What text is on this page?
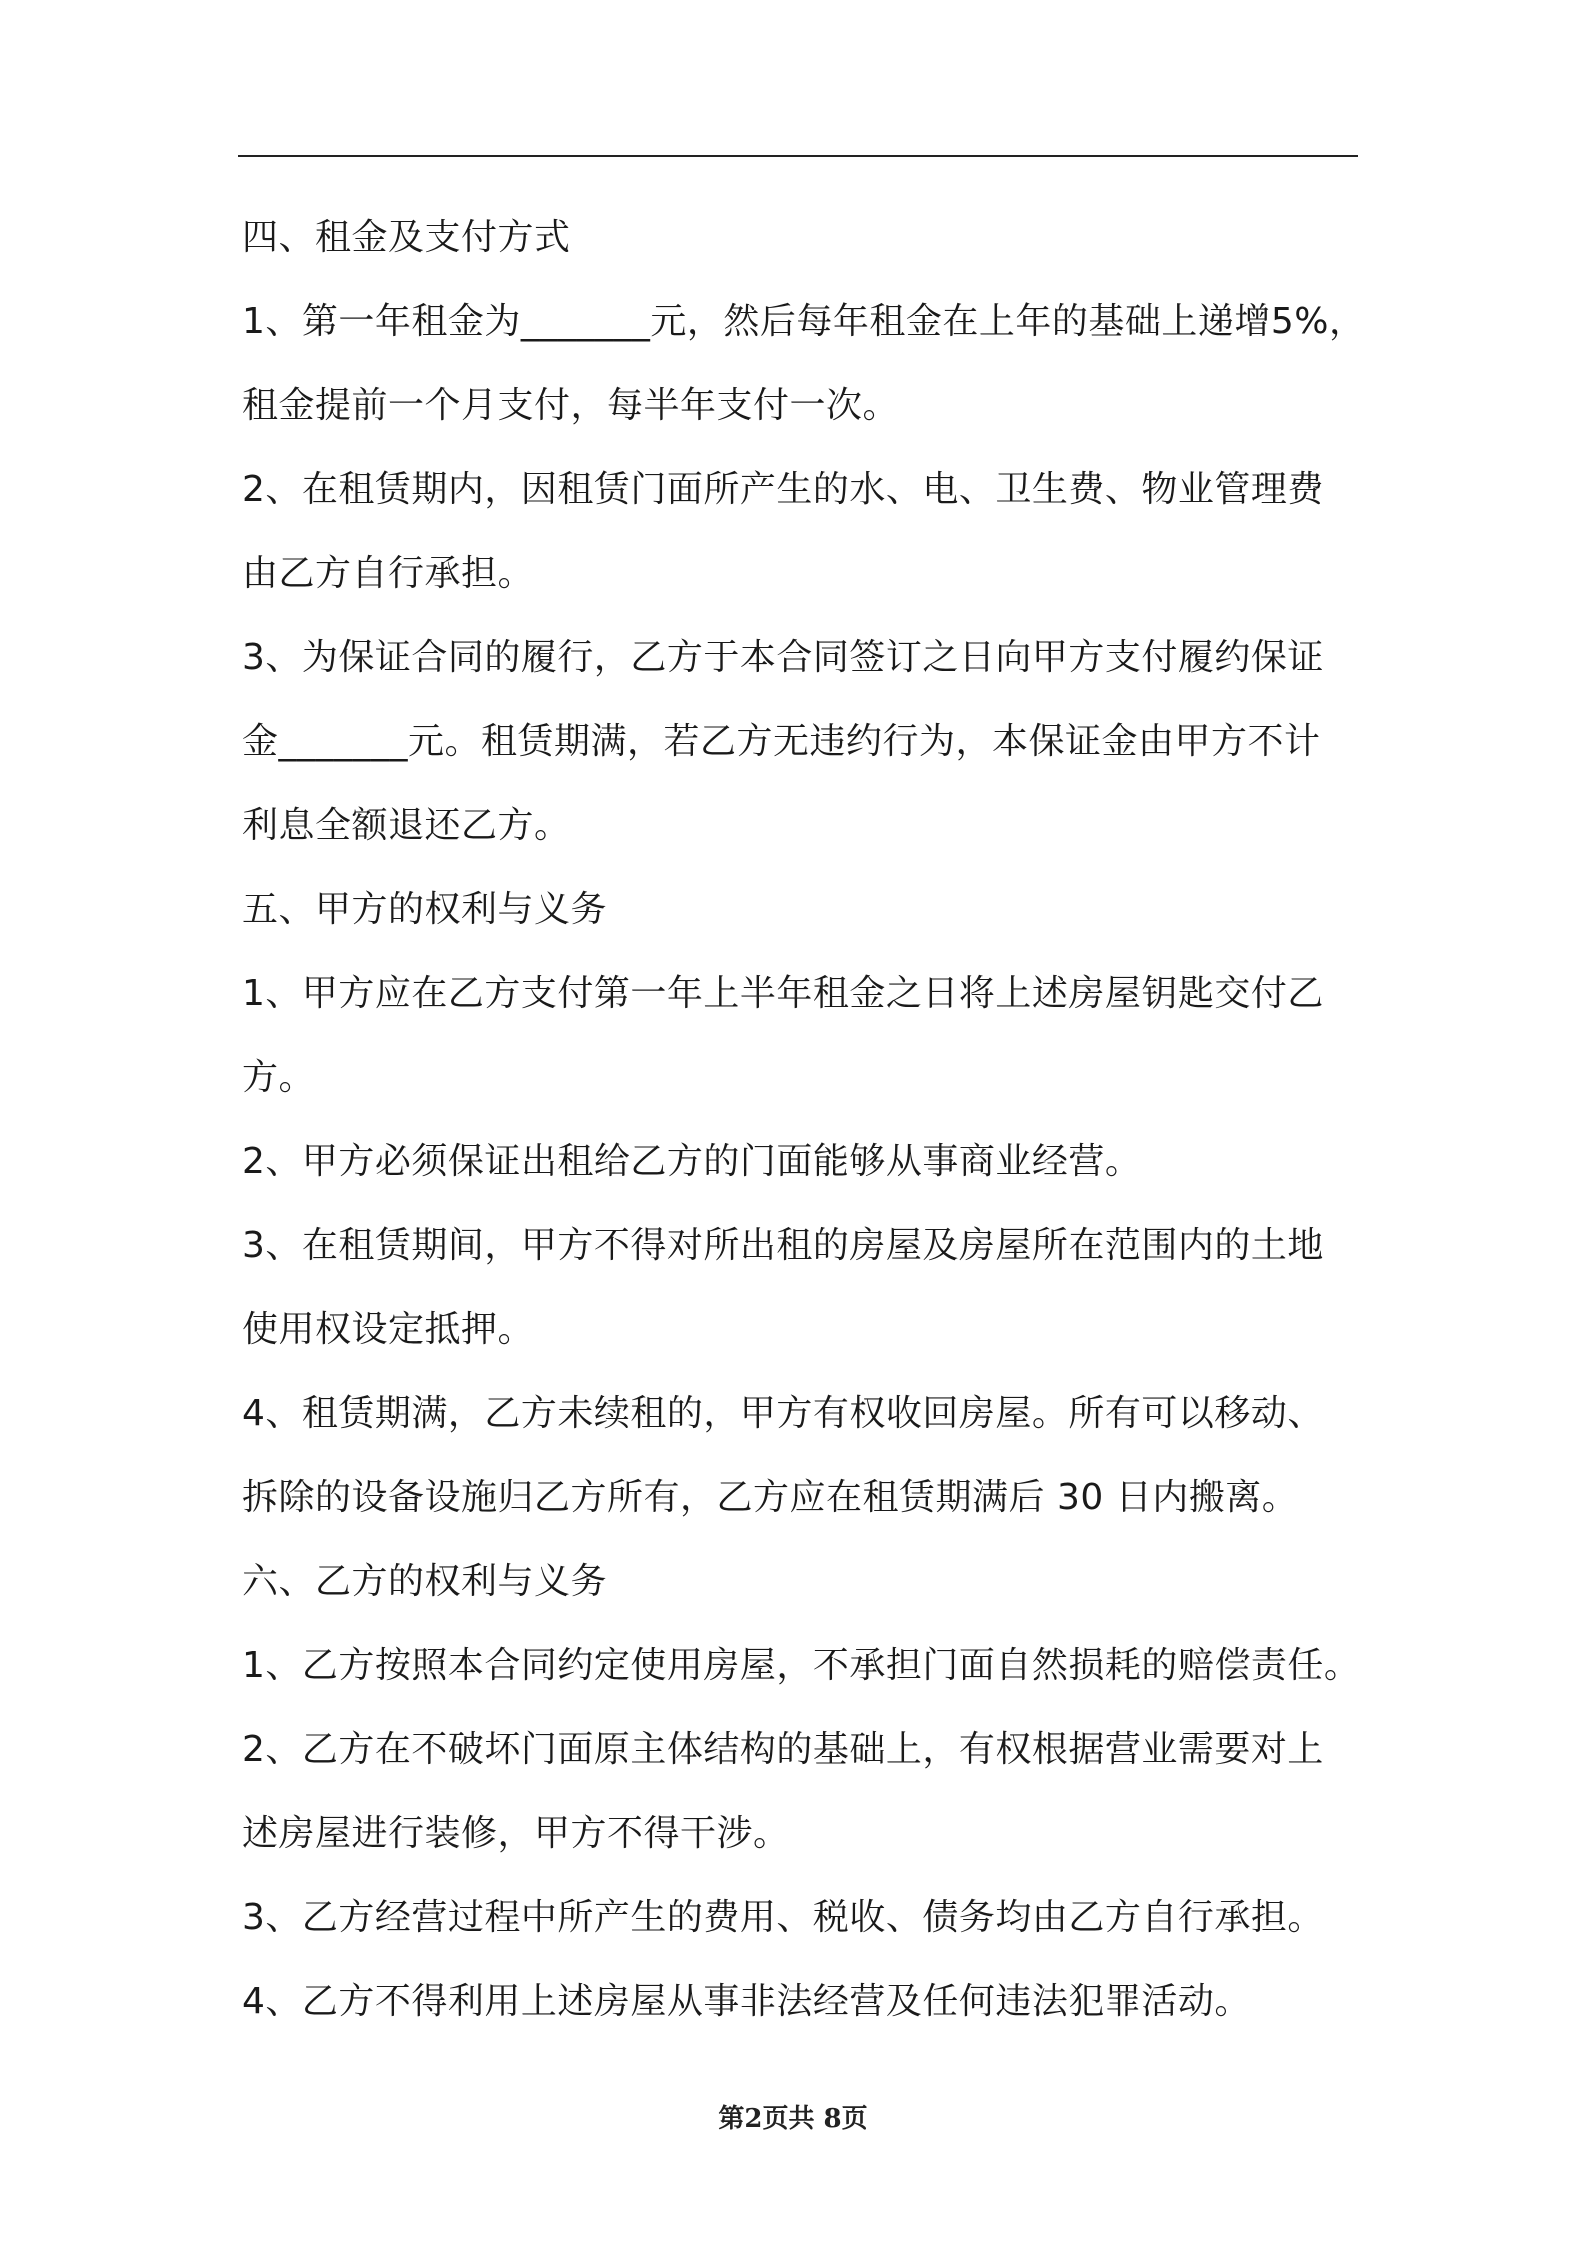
四、租金及支付方式
1、第一年租金为_______元，然后每年租金在上年的基础上递增5%，
租金提前一个月支付，每半年支付一次。
2、在租赁期内，因租赁门面所产生的水、电、卫生费、物业管理费
由乙方自行承担。
3、为保证合同的履行，乙方于本合同签订之日向甲方支付履约保证
金_______元。租赁期满，若乙方无违约行为，本保证金由甲方不计
利息全额退还乙方。
五、甲方的权利与义务
1、甲方应在乙方支付第一年上半年租金之日将上述房屋钥匙交付乙
方。
2、甲方必须保证出租给乙方的门面能够从事商业经营。
3、在租赁期间，甲方不得对所出租的房屋及房屋所在范围内的土地
使用权设定抵押。
4、租赁期满，乙方未续租的，甲方有权收回房屋。所有可以移动、
拆除的设备设施归乙方所有，乙方应在租赁期满后 30 日内搬离。
六、乙方的权利与义务
1、乙方按照本合同约定使用房屋，不承担门面自然损耗的赔偿责任。
2、乙方在不破坏门面原主体结构的基础上，有权根据营业需要对上
述房屋进行装修，甲方不得干涉。
3、乙方经营过程中所产生的费用、税收、债务均由乙方自行承担。
4、乙方不得利用上述房屋从事非法经营及任何违法犯罪活动。
第2页共 8页
